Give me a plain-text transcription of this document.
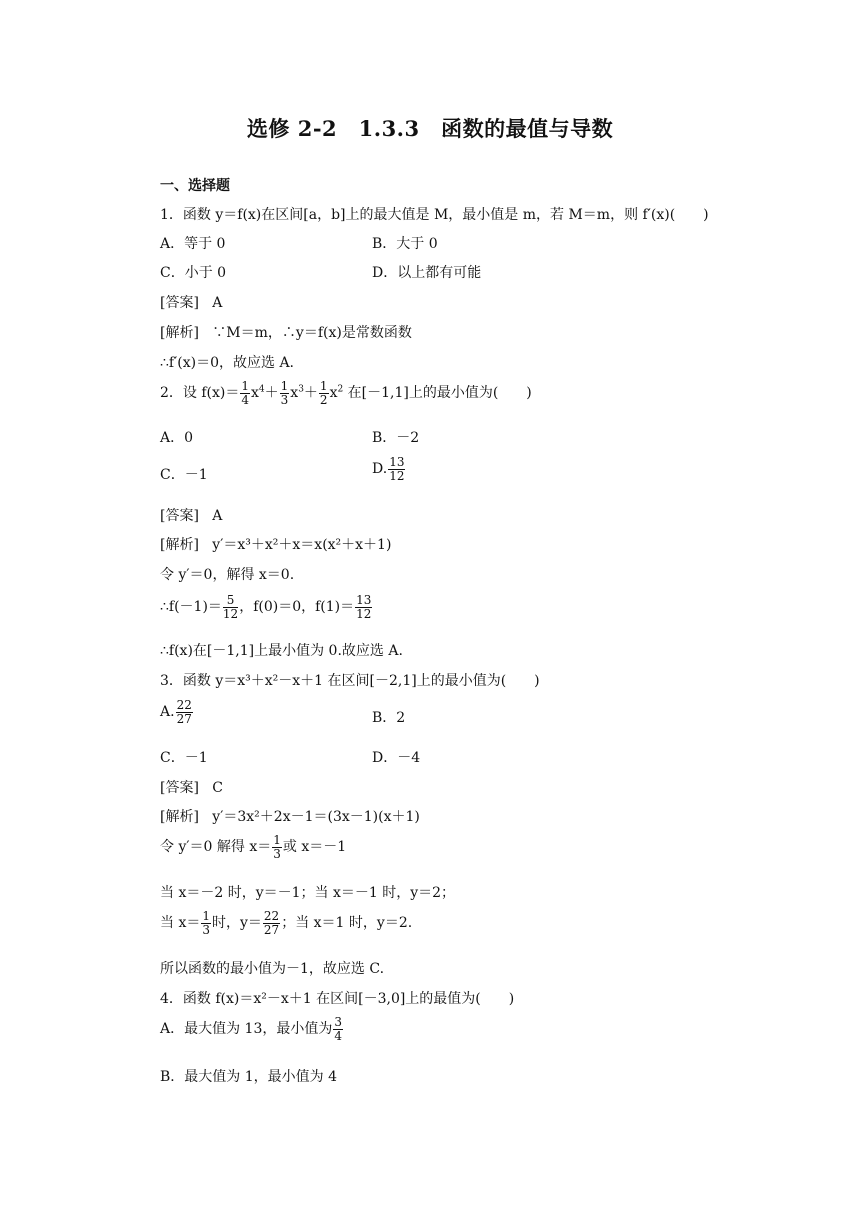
选修 2-2　1.3.3　函数的最值与导数
一、选择题
1．函数 y＝f(x)在区间[a，b]上的最大值是 M，最小值是 m，若 M＝m，则 f′(x)(　　)
A．等于 0	B．大于 0
C．小于 0	D．以上都有可能
[答案] A
[解析] ∵M＝m，∴y＝f(x)是常数函数
∴f′(x)＝0，故应选 A.
2．设 $f(x)= \frac{1}{4} x^4+ \frac{1}{3} x^3+ \frac{1}{2} x^2$ 在[－1,1]上的最小值为(　　)
A．0	B．－2
C．－1	D. $\frac{13}{12}$
[答案] A
[解析] y′＝x³＋x²＋x＝x(x²＋x＋1)
令 y′＝0，解得 x＝0.
∴f(－1)＝ $\frac{5}{12}$ ，f(0)＝0，$f(1)= \frac{13}{12}$
∴f(x)在[－1,1]上最小值为 0.故应选 A.
3．函数 y＝x³＋x²－x＋1 在区间[－2,1]上的最小值为(　　)
A. $\frac{22}{27}$	B．2
C．－1	D．－4
[答案] C
[解析] y′＝3x²＋2x－1＝(3x－1)(x＋1)
令 y′＝0 解得 $x= \frac{1}{3}$ 或 x＝－1
当 x＝－2 时，y＝－1；当 x＝－1 时，y＝2；
当 $x= \frac{1}{3}$ 时，$y= \frac{22}{27}$ ；当 x＝1 时，y＝2.
所以函数的最小值为－1，故应选 C.
4．函数 f(x)＝x²－x＋1 在区间[－3,0]上的最值为(　　)
A．最大值为 13，最小值为 $\frac{3}{4}$
B．最大值为 1，最小值为 4
